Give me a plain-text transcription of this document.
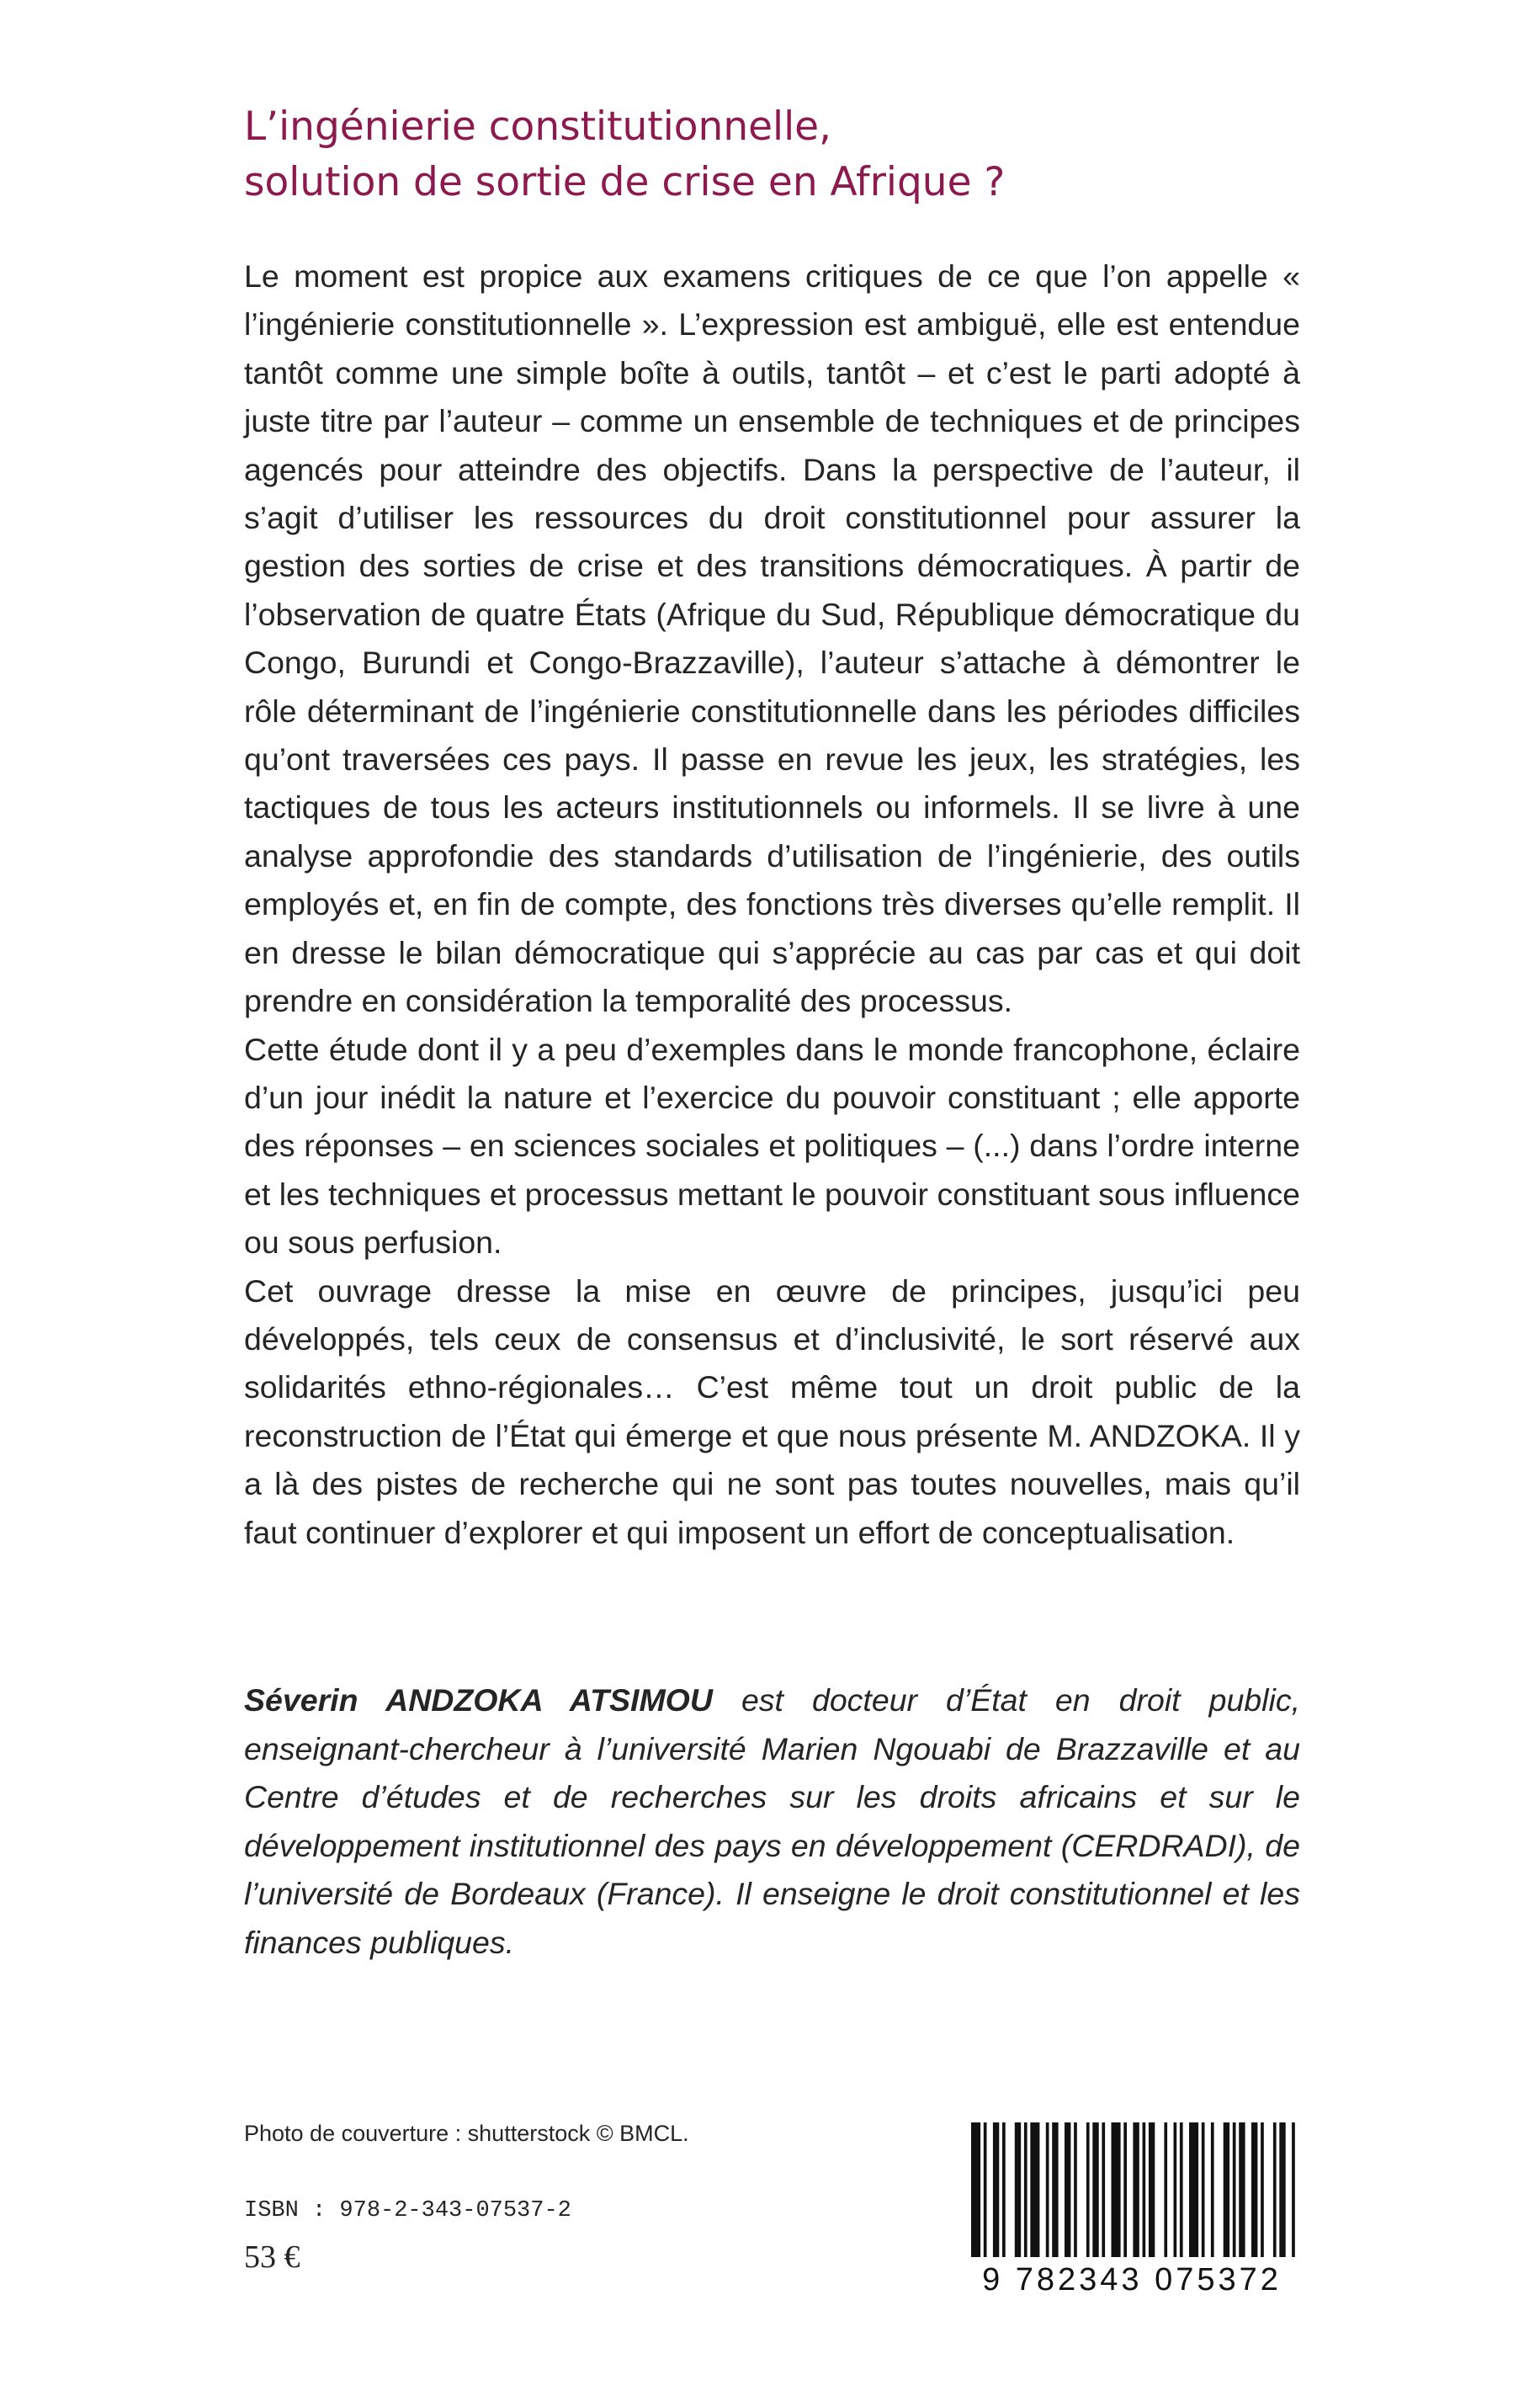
L’ingénierie constitutionnelle,
solution de sortie de crise en Afrique ?

Le moment est propice aux examens critiques de ce que l’on appelle « l’ingénierie constitutionnelle ». L’expression est ambiguë, elle est entendue tantôt comme une simple boîte à outils, tantôt – et c’est le parti adopté à juste titre par l’auteur – comme un ensemble de techniques et de principes agencés pour atteindre des objectifs. Dans la perspective de l’auteur, il s’agit d’utiliser les ressources du droit constitutionnel pour assurer la gestion des sorties de crise et des transitions démocratiques. À partir de l’observation de quatre États (Afrique du Sud, République démocratique du Congo, Burundi et Congo-Brazzaville), l’auteur s’attache à démontrer le rôle déterminant de l’ingénierie constitutionnelle dans les périodes difficiles qu’ont traversées ces pays. Il passe en revue les jeux, les stratégies, les tactiques de tous les acteurs institutionnels ou informels. Il se livre à une analyse approfondie des standards d’utilisation de l’ingénierie, des outils employés et, en fin de compte, des fonctions très diverses qu’elle remplit. Il en dresse le bilan démocratique qui s’apprécie au cas par cas et qui doit prendre en considération la temporalité des processus.

Cette étude dont il y a peu d’exemples dans le monde francophone, éclaire d’un jour inédit la nature et l’exercice du pouvoir constituant ; elle apporte des réponses – en sciences sociales et politiques – (...) dans l’ordre interne et les techniques et processus mettant le pouvoir constituant sous influence ou sous perfusion.

Cet ouvrage dresse la mise en œuvre de principes, jusqu’ici peu développés, tels ceux de consensus et d’inclusivité, le sort réservé aux solidarités ethno-régionales… C’est même tout un droit public de la reconstruction de l’État qui émerge et que nous présente M. ANDZOKA. Il y a là des pistes de recherche qui ne sont pas toutes nouvelles, mais qu’il faut continuer d’explorer et qui imposent un effort de conceptualisation.

Séverin ANDZOKA ATSIMOU est docteur d’État en droit public, enseignant-chercheur à l’université Marien Ngouabi de Brazzaville et au Centre d’études et de recherches sur les droits africains et sur le développement institutionnel des pays en développement (CERDRADI), de l’université de Bordeaux (France). Il enseigne le droit constitutionnel et les finances publiques.
Photo de couverture : shutterstock © BMCL.
ISBN : 978-2-343-07537-2
53 €
9 782343 075372
